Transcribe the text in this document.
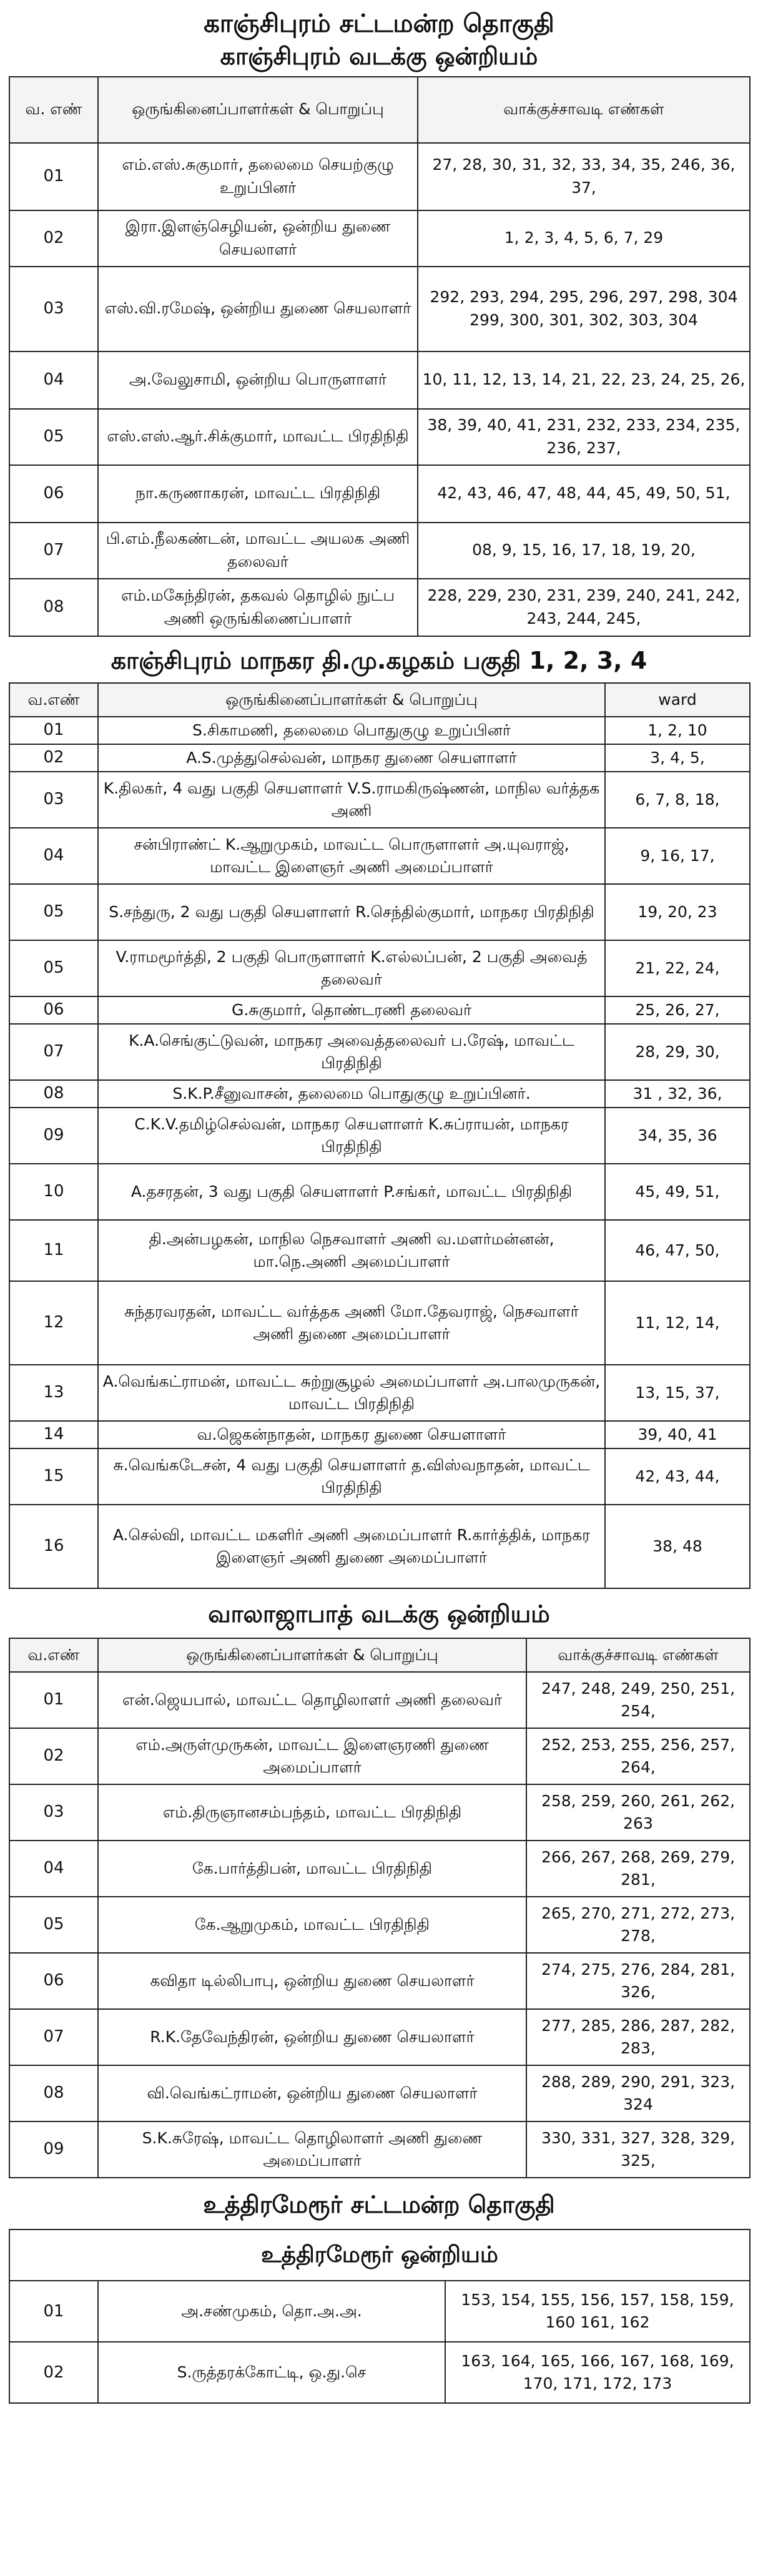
காஞ்சிபுரம் சட்டமன்ற தொகுதி
காஞ்சிபுரம் வடக்கு ஒன்றியம்
வ. எண்	ஒருங்கினைப்பாளர்கள் & பொறுப்பு	வாக்குச்சாவடி எண்கள்
01	எம்.எஸ்.சுகுமார், தலைமை செயற்குழு உறுப்பினர்	27, 28, 30, 31, 32, 33, 34, 35, 246, 36, 37,
02	இரா.இளஞ்செழியன், ஒன்றிய துணை செயலாளர்	1, 2, 3, 4, 5, 6, 7, 29
03	எஸ்.வி.ரமேஷ், ஒன்றிய துணை செயலாளர்	292, 293, 294, 295, 296, 297, 298, 304 299, 300, 301, 302, 303, 304
04	அ.வேலுசாமி, ஒன்றிய பொருளாளர்	10, 11, 12, 13, 14, 21, 22, 23, 24, 25, 26,
05	எஸ்.எஸ்.ஆர்.சிக்குமார், மாவட்ட பிரதிநிதி	38, 39, 40, 41, 231, 232, 233, 234, 235, 236, 237,
06	நா.கருணாகரன், மாவட்ட பிரதிநிதி	42, 43, 46, 47, 48, 44, 45, 49, 50, 51,
07	பி.எம்.நீலகண்டன், மாவட்ட அயலக அணி தலைவர்	08, 9, 15, 16, 17, 18, 19, 20,
08	எம்.மகேந்திரன், தகவல் தொழில் நுட்ப அணி ஒருங்கிணைப்பாளர்	228, 229, 230, 231, 239, 240, 241, 242, 243, 244, 245,
காஞ்சிபுரம் மாநகர தி.மு.கழகம் பகுதி 1, 2, 3, 4
வ.எண்	ஒருங்கினைப்பாளர்கள் & பொறுப்பு	ward
01	S.சிகாமணி, தலைமை பொதுகுழு உறுப்பினர்	1, 2, 10
02	A.S.முத்துசெல்வன், மாநகர துணை செயளாளர்	3, 4, 5,
03	K.திலகர், 4 வது பகுதி செயளாளர் V.S.ராமகிருஷ்ணன், மாநில வர்த்தக அணி	6, 7, 8, 18,
04	சன்பிராண்ட் K.ஆறுமுகம், மாவட்ட பொருளாளர் அ.யுவராஜ், மாவட்ட இளைஞர் அணி அமைப்பாளர்	9, 16, 17,
05	S.சந்துரு, 2 வது பகுதி செயளாளர் R.செந்தில்குமார், மாநகர பிரதிநிதி	19, 20, 23
05	V.ராமமூர்த்தி, 2 பகுதி பொருளாளர் K.எல்லப்பன், 2 பகுதி அவைத் தலைவர்	21, 22, 24,
06	G.சுகுமார், தொண்டரணி தலைவர்	25, 26, 27,
07	K.A.செங்குட்டுவன், மாநகர அவைத்தலைவர் ப.ரேஷ், மாவட்ட பிரதிநிதி	28, 29, 30,
08	S.K.P.சீனுவாசன், தலைமை பொதுகுழு உறுப்பினர்.	31 , 32, 36,
09	C.K.V.தமிழ்செல்வன், மாநகர செயளாளர் K.சுப்ராயன், மாநகர பிரதிநிதி	34, 35, 36
10	A.தசரதன், 3 வது பகுதி செயளாளர் P.சங்கர், மாவட்ட பிரதிநிதி	45, 49, 51,
11	தி.அன்பழகன், மாநில நெசவாளர் அணி வ.மளர்மன்னன், மா.நெ.அணி அமைப்பாளர்	46, 47, 50,
12	சுந்தரவரதன், மாவட்ட வர்த்தக அணி மோ.தேவராஜ், நெசவாளர் அணி துணை அமைப்பாளர்	11, 12, 14,
13	A.வெங்கட்ராமன், மாவட்ட சுற்றுசூழல் அமைப்பாளர் அ.பாலமுருகன், மாவட்ட பிரதிநிதி	13, 15, 37,
14	வ.ஜெகன்நாதன், மாநகர துணை செயளாளர்	39, 40, 41
15	சு.வெங்கடேசன், 4 வது பகுதி செயளாளர் த.விஸ்வநாதன், மாவட்ட பிரதிநிதி	42, 43, 44,
16	A.செல்வி, மாவட்ட மகளிர் அணி அமைப்பாளர் R.கார்த்திக், மாநகர இளைஞர் அணி துணை அமைப்பாளர்	38, 48
வாலாஜாபாத் வடக்கு ஒன்றியம்
வ.எண்	ஒருங்கினைப்பாளர்கள் & பொறுப்பு	வாக்குச்சாவடி எண்கள்
01	என்.ஜெயபால், மாவட்ட தொழிலாளர் அணி தலைவர்	247, 248, 249, 250, 251, 254,
02	எம்.அருள்முருகன், மாவட்ட இளைஞரணி துணை அமைப்பாளர்	252, 253, 255, 256, 257, 264,
03	எம்.திருஞானசம்பந்தம், மாவட்ட பிரதிநிதி	258, 259, 260, 261, 262, 263
04	கே.பார்த்திபன், மாவட்ட பிரதிநிதி	266, 267, 268, 269, 279, 281,
05	கே.ஆறுமுகம், மாவட்ட பிரதிநிதி	265, 270, 271, 272, 273, 278,
06	கவிதா டில்லிபாபு, ஒன்றிய துணை செயலாளர்	274, 275, 276, 284, 281, 326,
07	R.K.தேவேந்திரன், ஒன்றிய துணை செயலாளர்	277, 285, 286, 287, 282, 283,
08	வி.வெங்கட்ராமன், ஒன்றிய துணை செயலாளர்	288, 289, 290, 291, 323, 324
09	S.K.சுரேஷ், மாவட்ட தொழிலாளர் அணி துணை அமைப்பாளர்	330, 331, 327, 328, 329, 325,
உத்திரமேரூர் சட்டமன்ற தொகுதி
உத்திரமேரூர் ஒன்றியம்		
01	அ.சண்முகம், தொ.அ.அ.	153, 154, 155, 156, 157, 158, 159, 160 161, 162
02	S.ருத்தரக்கோட்டி, ஒ.து.செ	163, 164, 165, 166, 167, 168, 169, 170, 171, 172, 173
